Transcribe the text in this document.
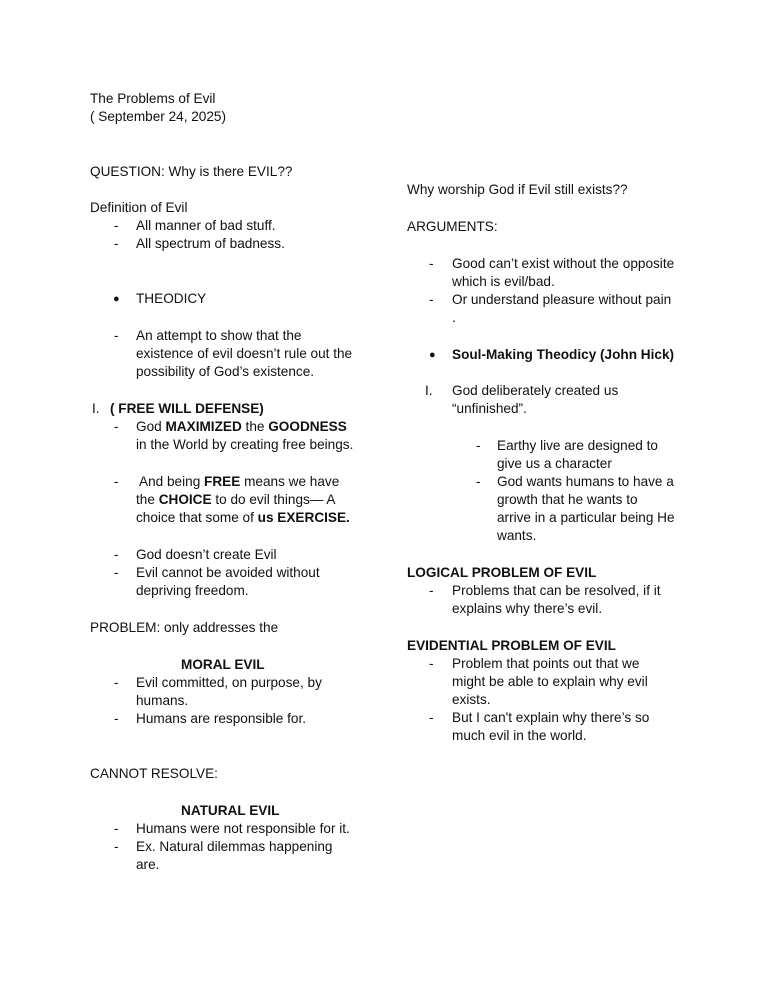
The Problems of Evil
( September 24, 2025)
QUESTION: Why is there EVIL??
Definition of Evil
- All manner of bad stuff.
- All spectrum of badness.
● THEODICY
- An attempt to show that the
existence of evil doesn’t rule out the
possibility of God’s existence.
I. ( FREE WILL DEFENSE)
- God MAXIMIZED the GOODNESS
in the World by creating free beings.
- And being FREE means we have
the CHOICE to do evil things— A
choice that some of us EXERCISE.
- God doesn’t create Evil
- Evil cannot be avoided without
depriving freedom.
PROBLEM: only addresses the
MORAL EVIL
- Evil committed, on purpose, by
humans.
- Humans are responsible for.
CANNOT RESOLVE:
NATURAL EVIL
- Humans were not responsible for it.
- Ex. Natural dilemmas happening
are.
Why worship God if Evil still exists??
ARGUMENTS:
- Good can’t exist without the opposite
which is evil/bad.
- Or understand pleasure without pain
.
● Soul-Making Theodicy (John Hick)
I. God deliberately created us
“unfinished”.
- Earthy live are designed to
give us a character
- God wants humans to have a
growth that he wants to
arrive in a particular being He
wants.
LOGICAL PROBLEM OF EVIL
- Problems that can be resolved, if it
explains why there’s evil.
EVIDENTIAL PROBLEM OF EVIL
- Problem that points out that we
might be able to explain why evil
exists.
- But I can't explain why there’s so
much evil in the world.
